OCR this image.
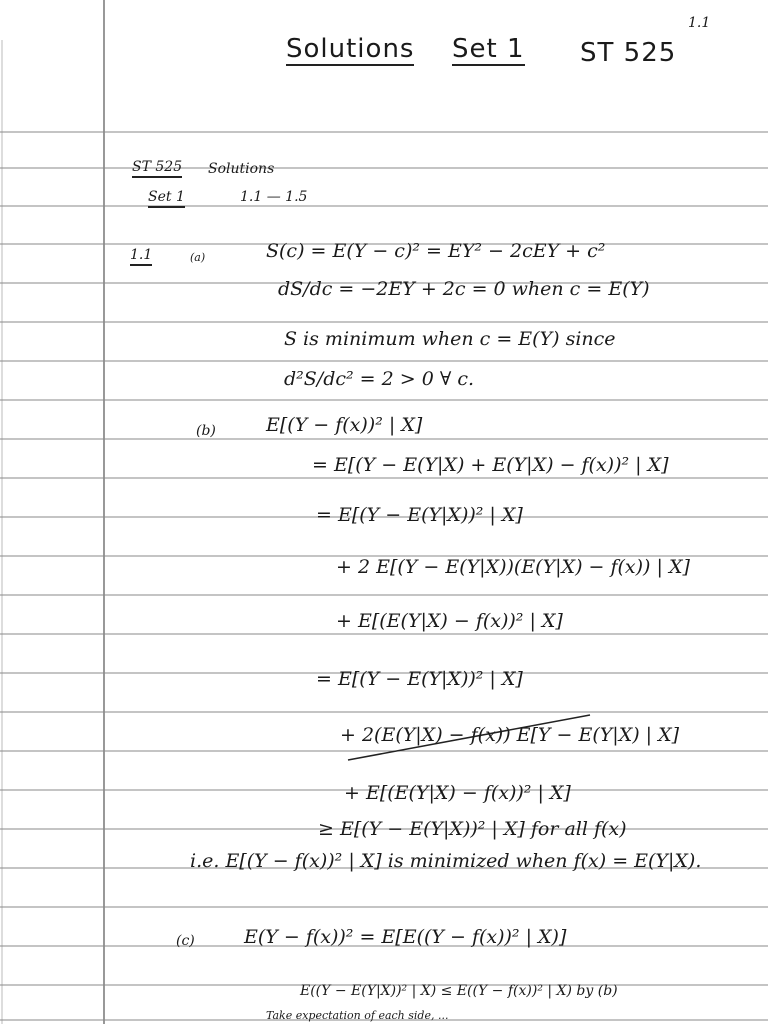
1.1
Solutions Set 1 ST 525
ST 525 Solutions
Set 1	1.1 — 1.5
1.1	(a)	S(c) = E(Y − c)² = EY² − 2cEY + c²
dS/dc = −2EY + 2c = 0 when c = E(Y)
S is minimum when c = E(Y) since
d²S/dc² = 2 > 0 ∀ c.
(b)	E[(Y − f(x))² | X]
= E[(Y − E(Y|X) + E(Y|X) − f(x))² | X]
= E[(Y − E(Y|X))² | X]
+ 2 E[(Y − E(Y|X))(E(Y|X) − f(x)) | X]
+ E[(E(Y|X) − f(x))² | X]
= E[(Y − E(Y|X))² | X]
+ 2(E(Y|X) − f(x)) E[Y − E(Y|X) | X]
+ E[(E(Y|X) − f(x))² | X]
≥ E[(Y − E(Y|X))² | X] for all f(x)
i.e. E[(Y − f(x))² | X] is minimized when f(x) = E(Y|X).
(c)	E(Y − f(x))² = E[E((Y − f(x))² | X)]
E((Y − E(Y|X))² | X) ≤ E((Y − f(x))² | X) by (b)
Take expectation of each side, ...
